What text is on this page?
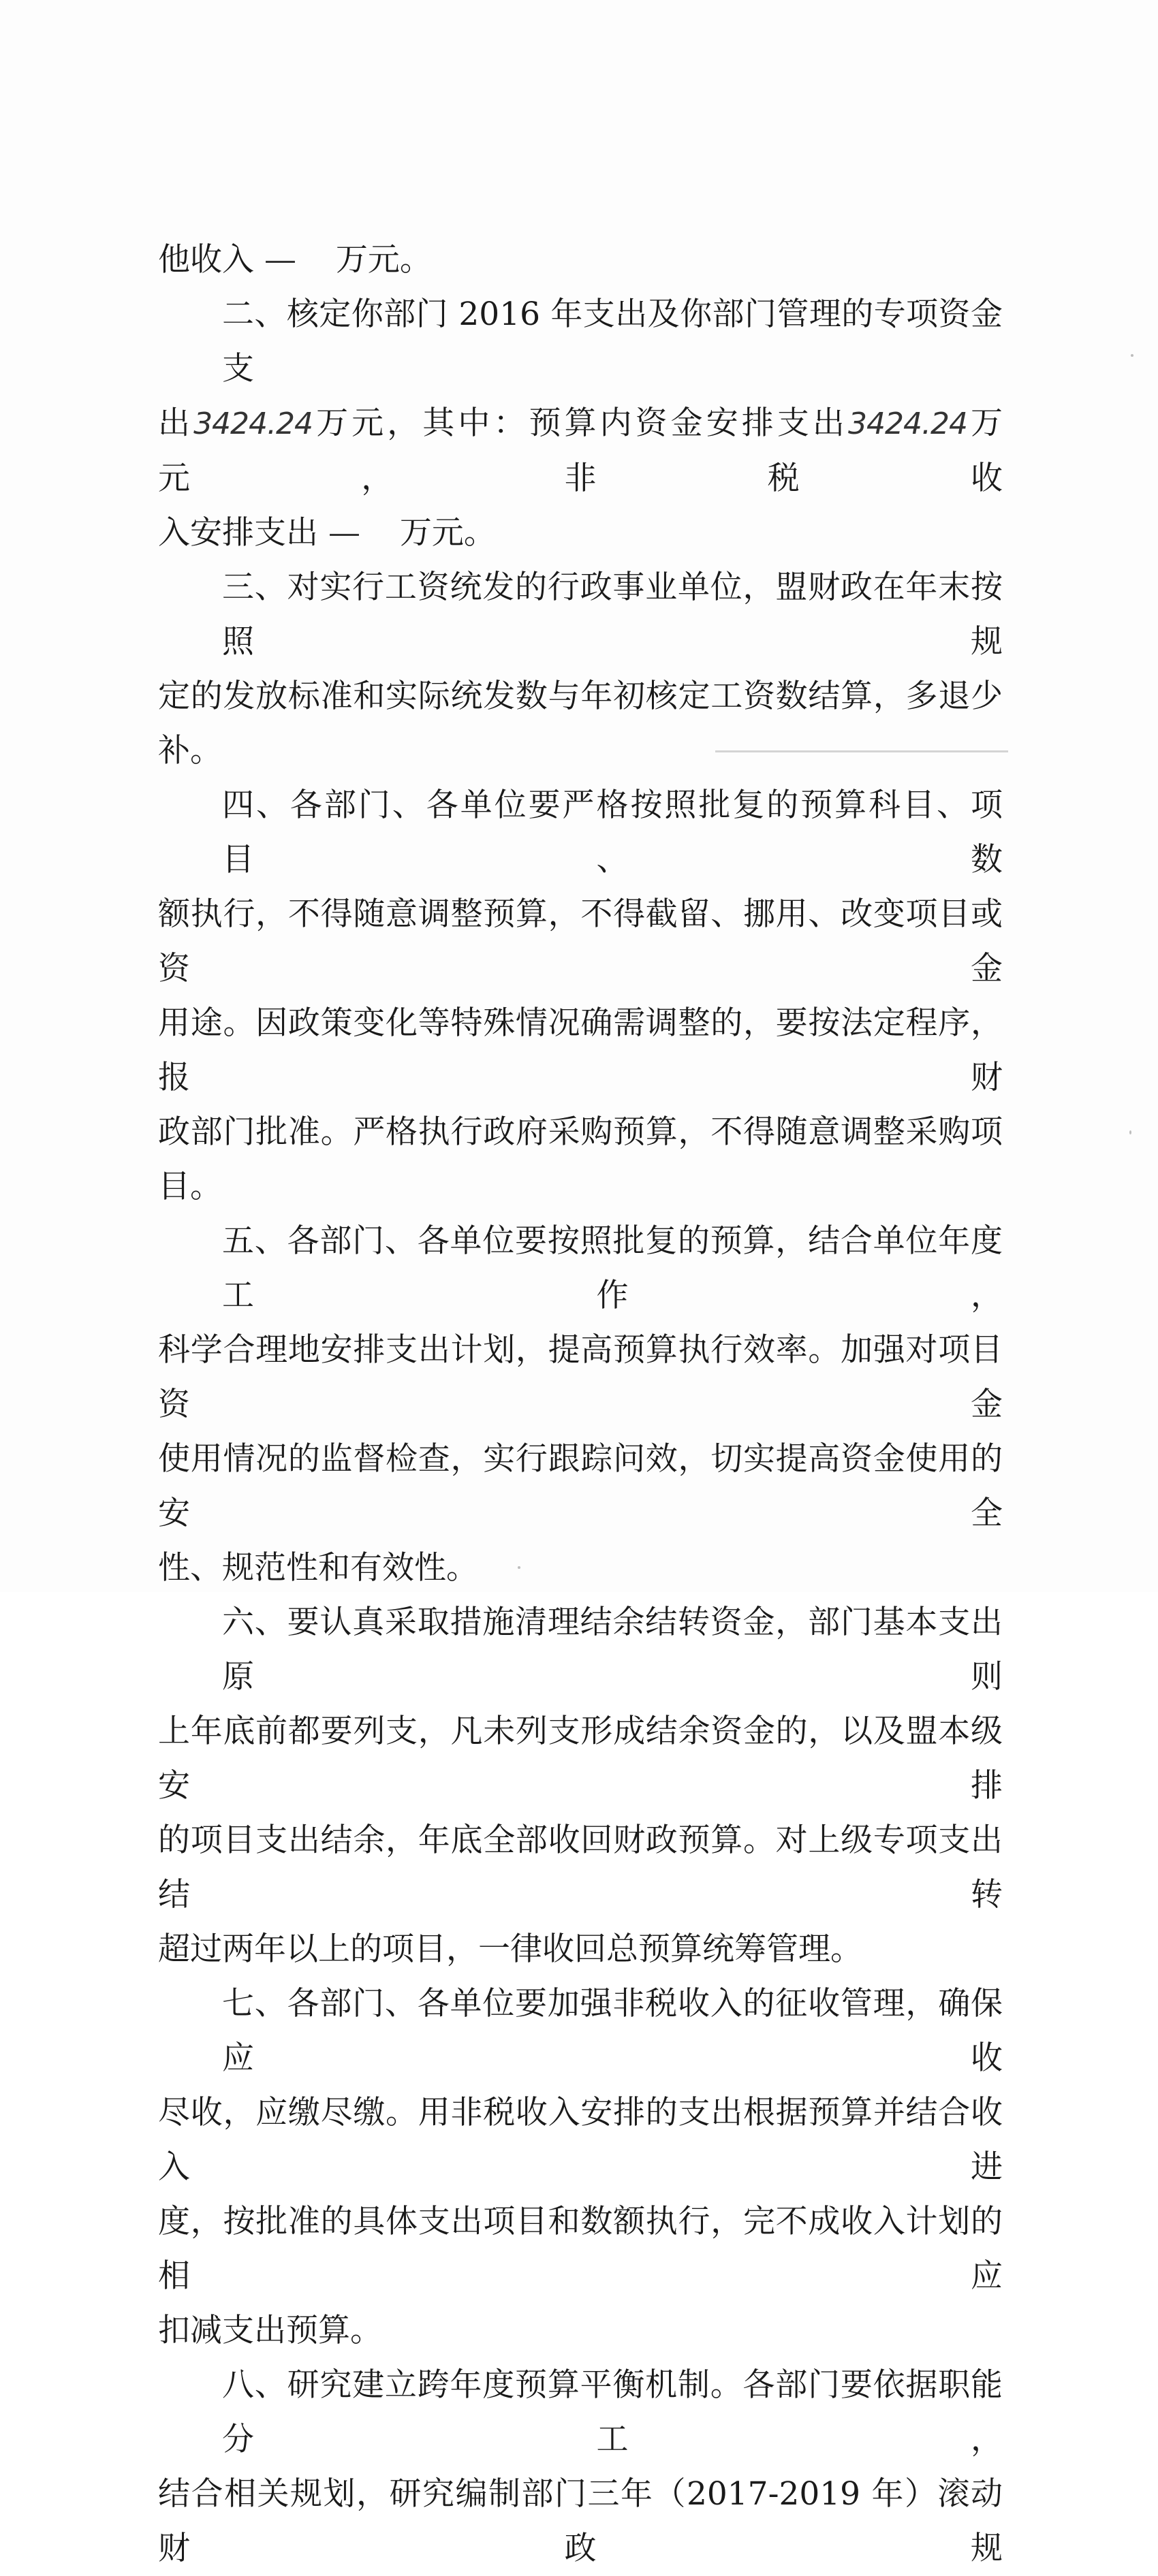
他收入 — 万元。

二、核定你部门 2016 年支出及你部门管理的专项资金支

出3424.24万元，其中：预算内资金安排支出3424.24万元，非税收

入安排支出 — 万元。

三、对实行工资统发的行政事业单位，盟财政在年末按照规

定的发放标准和实际统发数与年初核定工资数结算，多退少补。

四、各部门、各单位要严格按照批复的预算科目、项目、数

额执行，不得随意调整预算，不得截留、挪用、改变项目或资金

用途。因政策变化等特殊情况确需调整的，要按法定程序，报财

政部门批准。严格执行政府采购预算，不得随意调整采购项目。

五、各部门、各单位要按照批复的预算，结合单位年度工作，

科学合理地安排支出计划，提高预算执行效率。加强对项目资金

使用情况的监督检查，实行跟踪问效，切实提高资金使用的安全

性、规范性和有效性。

六、要认真采取措施清理结余结转资金，部门基本支出原则

上年底前都要列支，凡未列支形成结余资金的，以及盟本级安排

的项目支出结余，年底全部收回财政预算。对上级专项支出结转

超过两年以上的项目，一律收回总预算统筹管理。

七、各部门、各单位要加强非税收入的征收管理，确保应收

尽收，应缴尽缴。用非税收入安排的支出根据预算并结合收入进

度，按批准的具体支出项目和数额执行，完不成收入计划的相应

扣减支出预算。

八、研究建立跨年度预算平衡机制。各部门要依据职能分工，

结合相关规划，研究编制部门三年（2017-2019 年）滚动财政规
